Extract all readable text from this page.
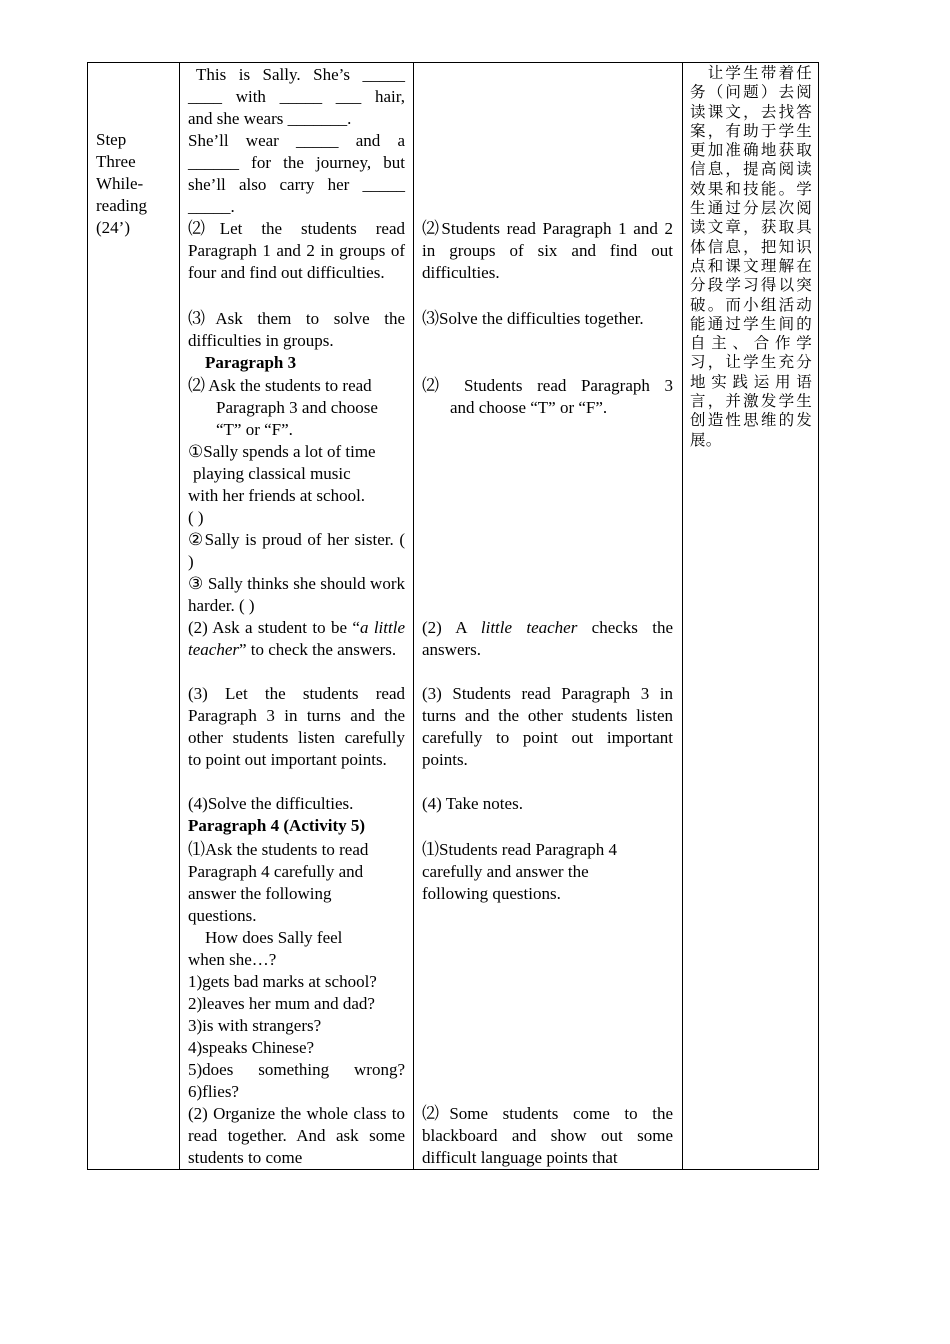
Step

Three

While-

reading

(24’)

This is Sally. She’s _____

____ with _____ ___ hair,

and she wears _______.

She’ll wear _____ and a

______ for the journey, but

she’ll also carry her _____

_____.

⑵Let the students read Paragraph 1 and 2 in groups of four and find out difficulties.

⑶Ask them to solve the difficulties in groups.

Paragraph 3

⑵ Ask the students to read

Paragraph 3 and choose

“T” or “F”.

①Sally spends a lot of time

playing classical music

with her friends at school.

( )

②Sally is proud of her sister. ( )

③ Sally thinks she should work harder. ( )

(2) Ask a student to be “a little teacher” to check the answers.

(3) Let the students read Paragraph 3 in turns and the other students listen carefully to point out important points.

(4)Solve the difficulties.

Paragraph 4 (Activity 5)

⑴Ask the students to read

Paragraph 4 carefully and

answer the following

questions.

How does Sally feel

when she…?

1)gets bad marks at school?

2)leaves her mum and dad?

3)is with strangers?

4)speaks Chinese?

5)does something wrong?

6)flies?

(2) Organize the whole class to read together. And ask some students to come

⑵Students read Paragraph 1 and 2 in groups of six and find out difficulties.

⑶Solve the difficulties together.

⑵ Students read Paragraph 3

and choose “T” or “F”.

(2) A little teacher checks the answers.

(3) Students read Paragraph 3 in turns and the other students listen carefully to point out important points.

(4) Take notes.

⑴Students read Paragraph 4

carefully and answer the

following questions.

⑵Some students come to the blackboard and show out some difficult language points that

　让学生带着任务（问题）去阅读课文，去找答案，有助于学生更加准确地获取信息，提高阅读效果和技能。学生通过分层次阅读文章，获取具体信息，把知识点和课文理解在分段学习得以突破。而小组活动能通过学生间的自主、合作学习，让学生充分地实践运用语言，并激发学生创造性思维的发展。
